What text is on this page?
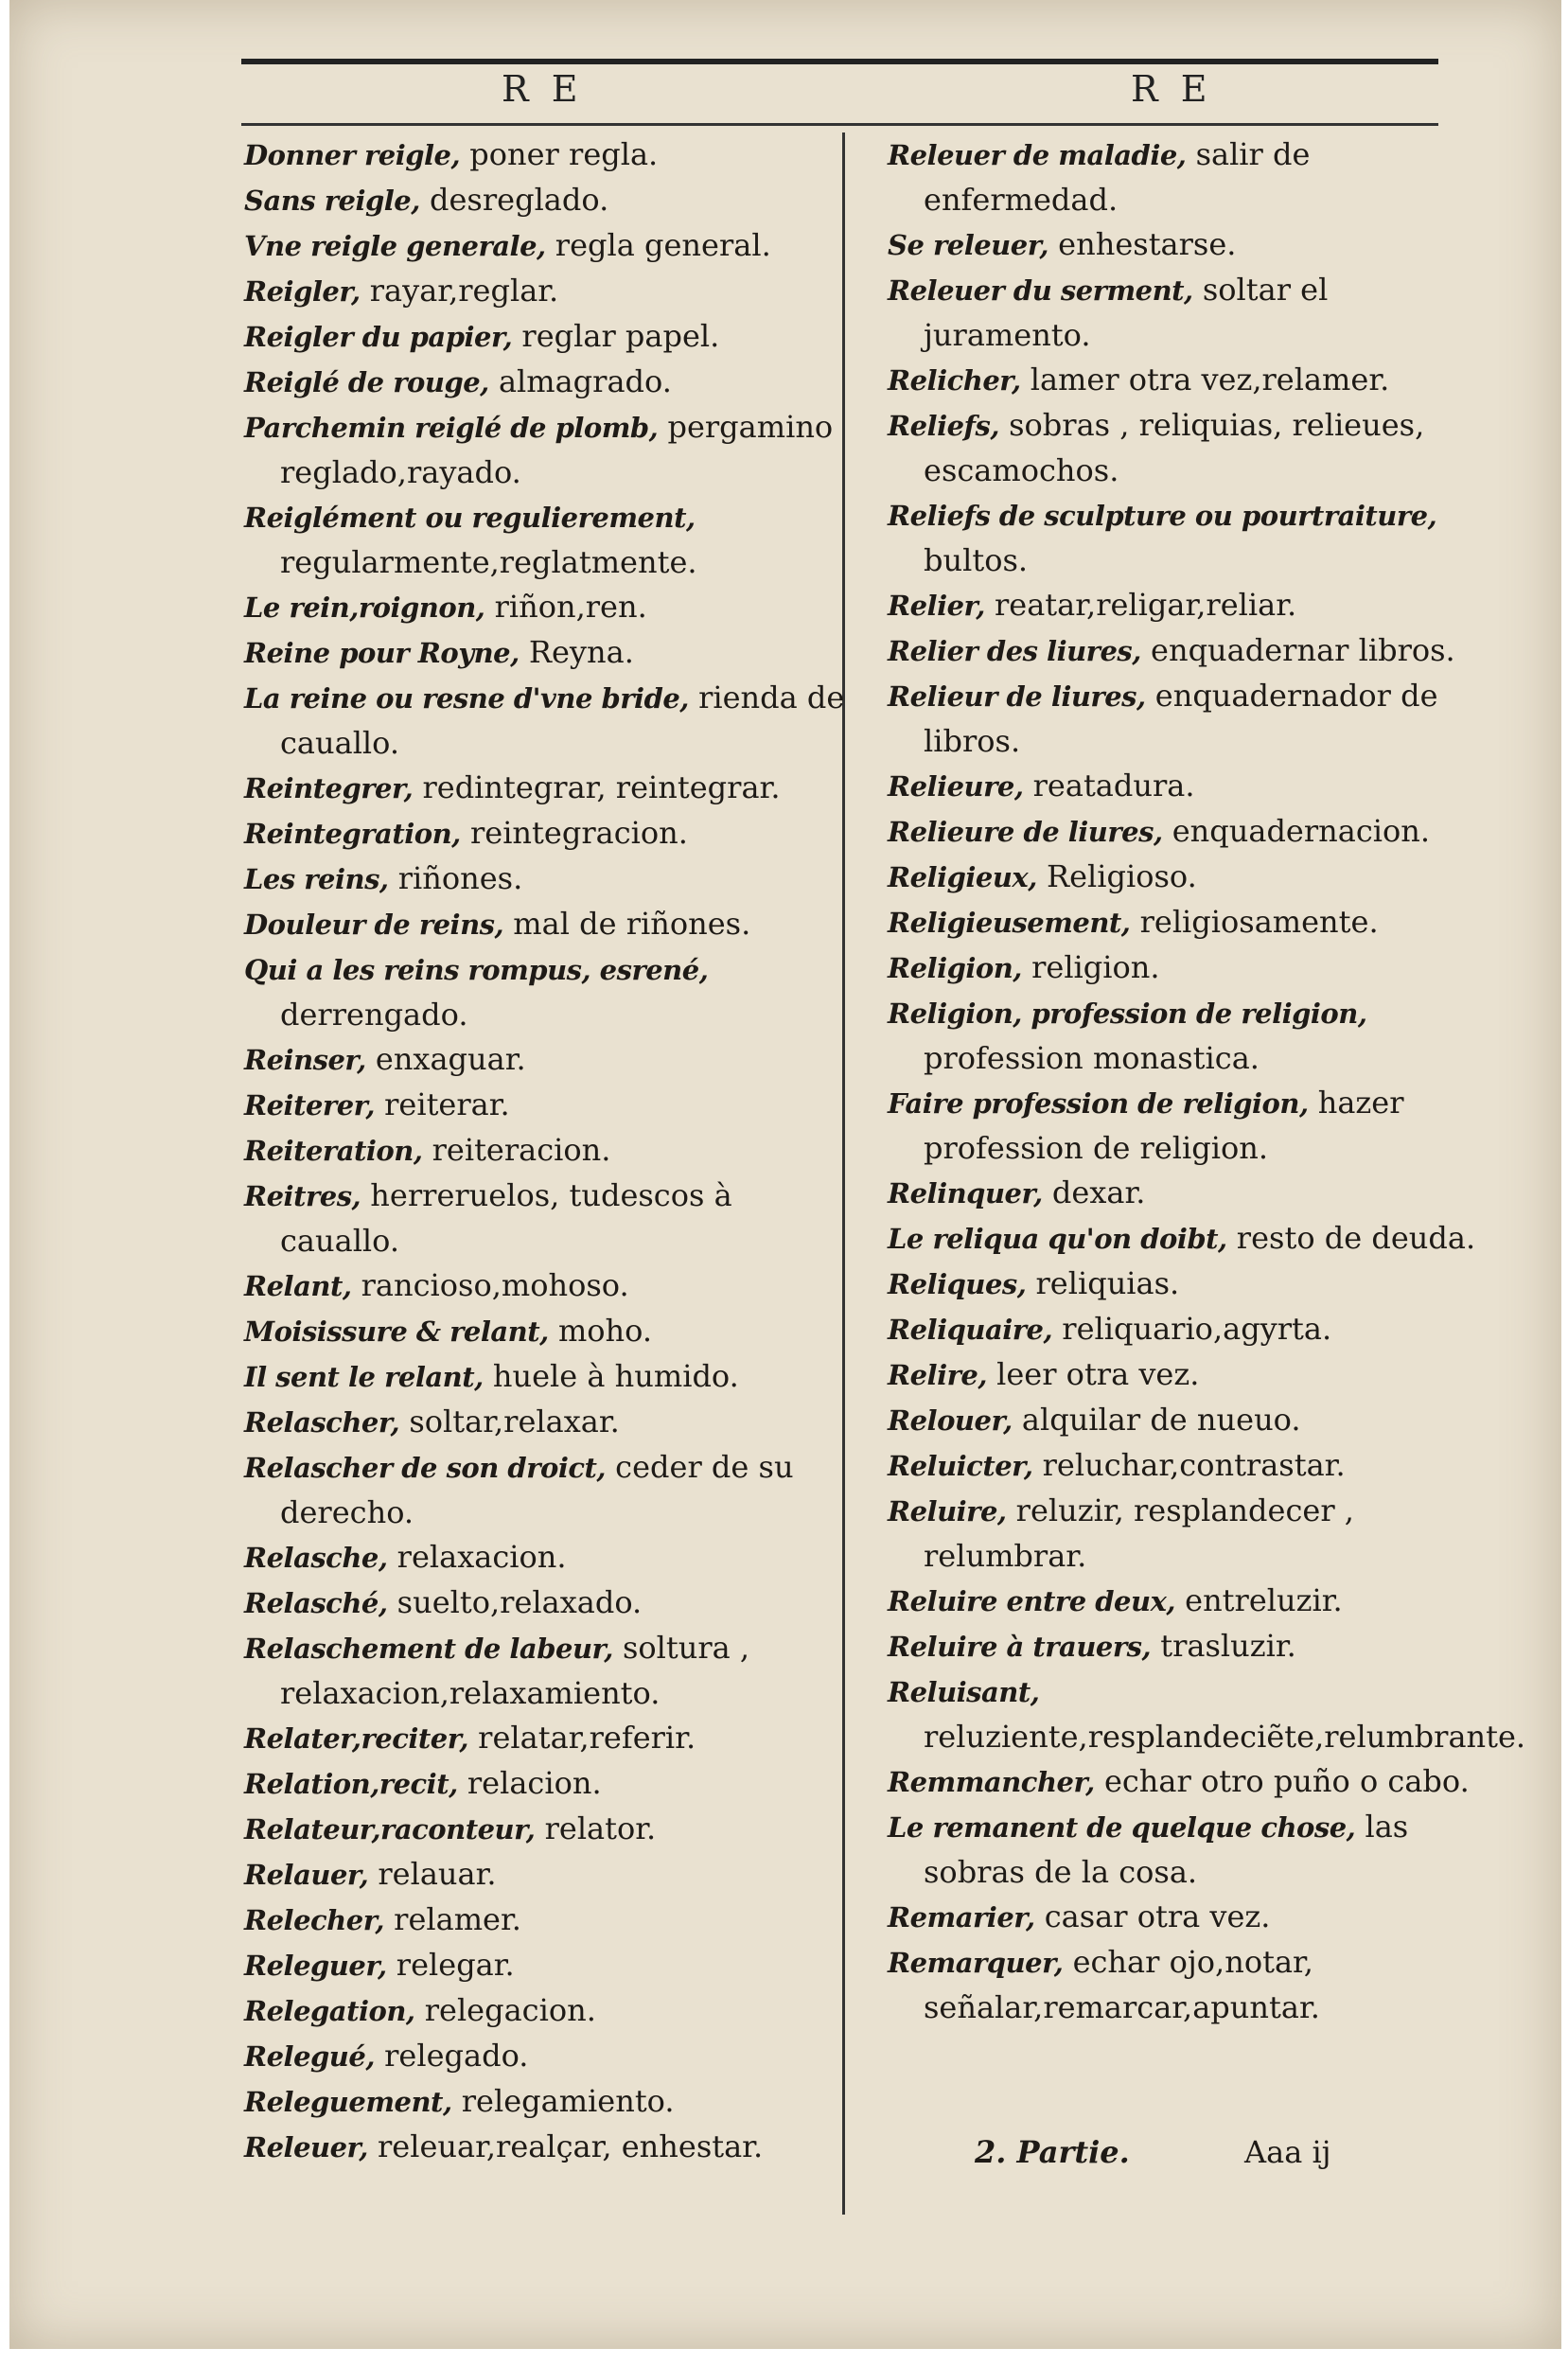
R E	R E
Donner reigle, poner regla.
Sans reigle, desreglado.
Vne reigle generale, regla general.
Reigler, rayar,reglar.
Reigler du papier, reglar papel.
Reiglé de rouge, almagrado.
Parchemin reiglé de plomb, pergamino reglado,rayado.
Reiglément ou regulierement, regularmente,reglatmente.
Le rein,roignon, riñon,ren.
Reine pour Royne, Reyna.
La reine ou resne d'vne bride, rienda de cauallo.
Reintegrer, redintegrar, reintegrar.
Reintegration, reintegracion.
Les reins, riñones.
Douleur de reins, mal de riñones.
Qui a les reins rompus, esrené, derrengado.
Reinser, enxaguar.
Reiterer, reiterar.
Reiteration, reiteracion.
Reitres, herreruelos, tudescos à cauallo.
Relant, rancioso,mohoso.
Moisissure & relant, moho.
Il sent le relant, huele à humido.
Relascher, soltar,relaxar.
Relascher de son droict, ceder de su derecho.
Relasche, relaxacion.
Relasché, suelto,relaxado.
Relaschement de labeur, soltura , relaxacion,relaxamiento.
Relater,reciter, relatar,referir.
Relation,recit, relacion.
Relateur,raconteur, relator.
Relauer, relauar.
Relecher, relamer.
Releguer, relegar.
Relegation, relegacion.
Relegué, relegado.
Releguement, relegamiento.
Releuer, releuar,realçar, enhestar.
Releuer de maladie, salir de enfermedad.
Se releuer, enhestarse.
Releuer du serment, soltar el juramento.
Relicher, lamer otra vez,relamer.
Reliefs, sobras , reliquias, relieues, escamochos.
Reliefs de sculpture ou pourtraiture, bultos.
Relier, reatar,religar,reliar.
Relier des liures, enquadernar libros.
Relieur de liures, enquadernador de libros.
Relieure, reatadura.
Relieure de liures, enquadernacion.
Religieux, Religioso.
Religieusement, religiosamente.
Religion, religion.
Religion, profession de religion, profession monastica.
Faire profession de religion, hazer profession de religion.
Relinquer, dexar.
Le reliqua qu'on doibt, resto de deuda.
Reliques, reliquias.
Reliquaire, reliquario,agyrta.
Relire, leer otra vez.
Relouer, alquilar de nueuo.
Reluicter, reluchar,contrastar.
Reluire, reluzir, resplandecer , relumbrar.
Reluire entre deux, entreluzir.
Reluire à trauers, trasluzir.
Reluisant, reluziente,resplandeciẽte,relumbrante.
Remmancher, echar otro puño o cabo.
Le remanent de quelque chose, las sobras de la cosa.
Remarier, casar otra vez.
Remarquer, echar ojo,notar, señalar,remarcar,apuntar.
2. Partie.	Aaa ij
